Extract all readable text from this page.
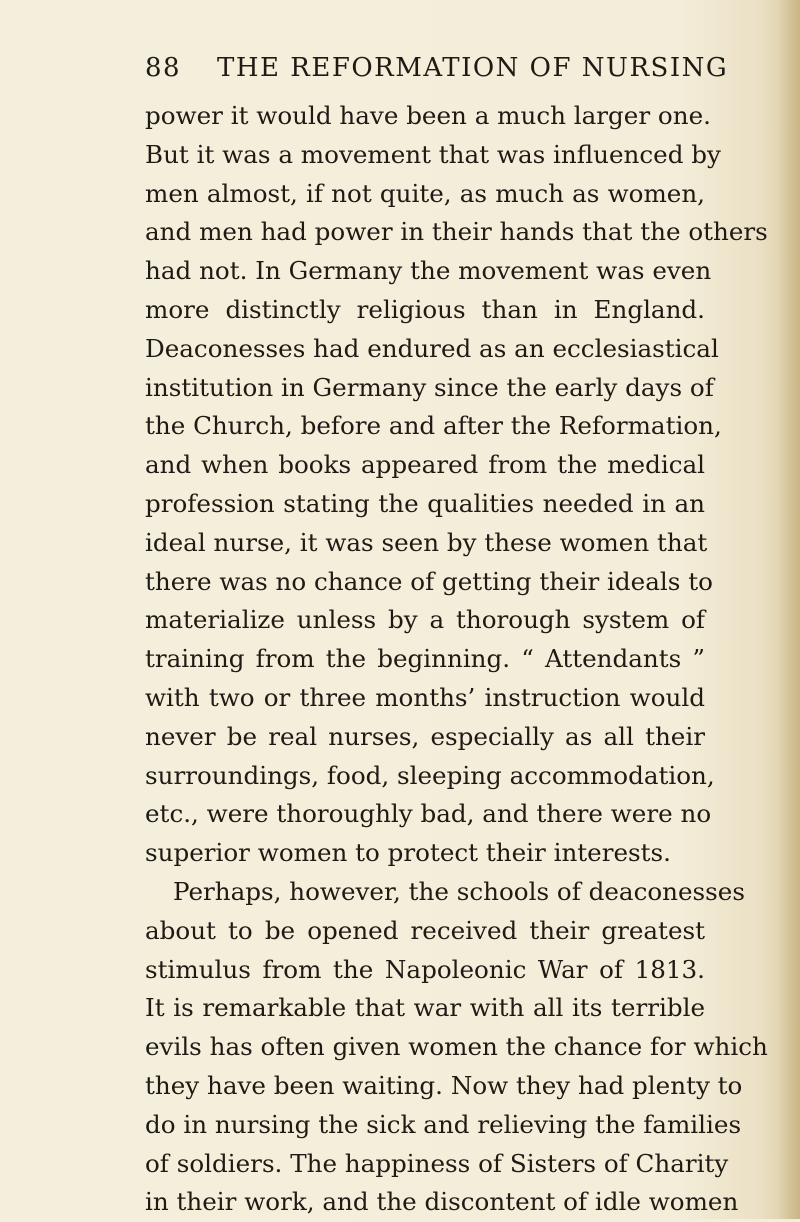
88 THE REFORMATION OF NURSING
power it would have been a much larger one.
But it was a movement that was influenced by
men almost, if not quite, as much as women,
and men had power in their hands that the others
had not. In Germany the movement was even
more distinctly religious than in England.
Deaconesses had endured as an ecclesiastical
institution in Germany since the early days of
the Church, before and after the Reformation,
and when books appeared from the medical
profession stating the qualities needed in an
ideal nurse, it was seen by these women that
there was no chance of getting their ideals to
materialize unless by a thorough system of
training from the beginning. “ Attendants ”
with two or three months’ instruction would
never be real nurses, especially as all their
surroundings, food, sleeping accommodation,
etc., were thoroughly bad, and there were no
superior women to protect their interests.
Perhaps, however, the schools of deaconesses
about to be opened received their greatest
stimulus from the Napoleonic War of 1813.
It is remarkable that war with all its terrible
evils has often given women the chance for which
they have been waiting. Now they had plenty to
do in nursing the sick and relieving the families
of soldiers. The happiness of Sisters of Charity
in their work, and the discontent of idle women
